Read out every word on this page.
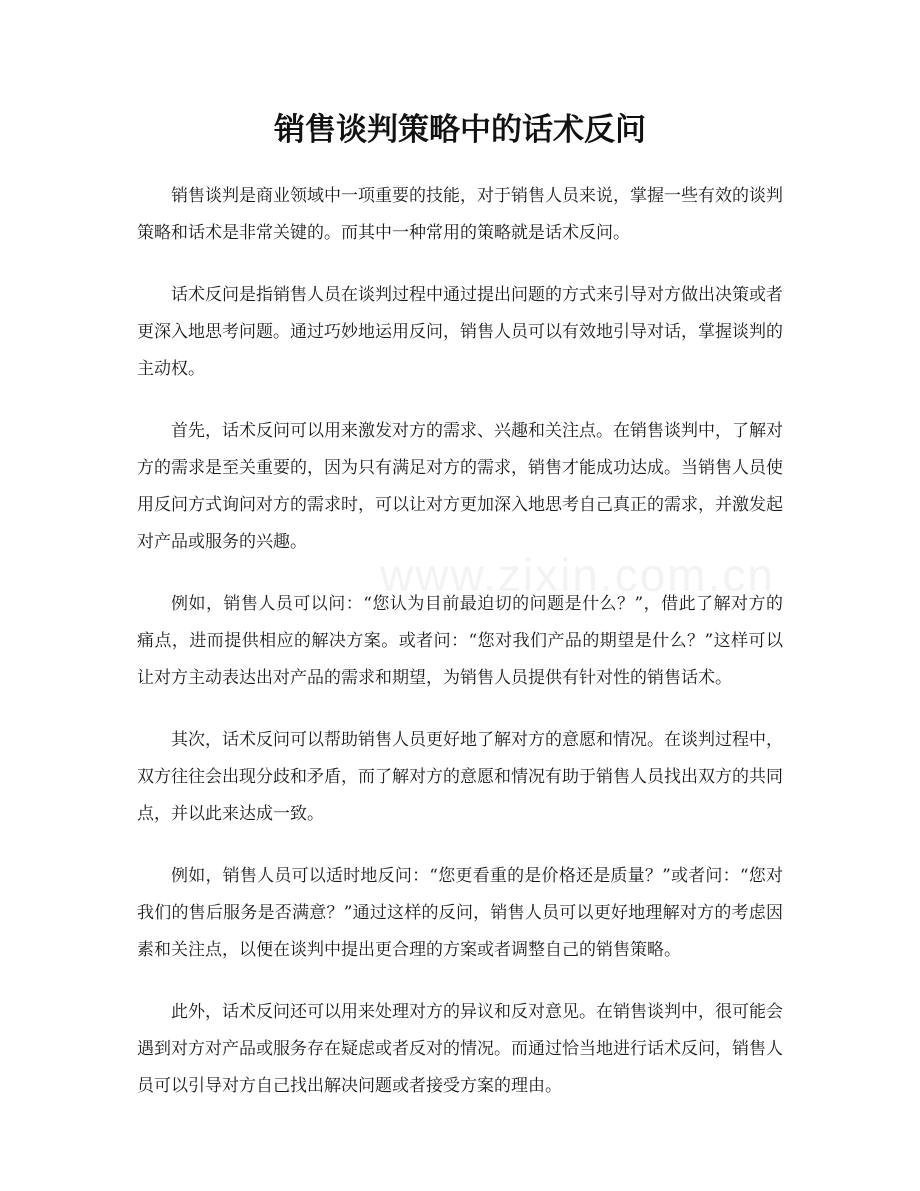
销售谈判策略中的话术反问

销售谈判是商业领域中一项重要的技能，对于销售人员来说，掌握一些有效的谈判策略和话术是非常关键的。而其中一种常用的策略就是话术反问。

话术反问是指销售人员在谈判过程中通过提出问题的方式来引导对方做出决策或者更深入地思考问题。通过巧妙地运用反问，销售人员可以有效地引导对话，掌握谈判的主动权。

首先，话术反问可以用来激发对方的需求、兴趣和关注点。在销售谈判中，了解对方的需求是至关重要的，因为只有满足对方的需求，销售才能成功达成。当销售人员使用反问方式询问对方的需求时，可以让对方更加深入地思考自己真正的需求，并激发起对产品或服务的兴趣。

例如，销售人员可以问：“您认为目前最迫切的问题是什么？”，借此了解对方的痛点，进而提供相应的解决方案。或者问：“您对我们产品的期望是什么？”这样可以让对方主动表达出对产品的需求和期望，为销售人员提供有针对性的销售话术。

其次，话术反问可以帮助销售人员更好地了解对方的意愿和情况。在谈判过程中，双方往往会出现分歧和矛盾，而了解对方的意愿和情况有助于销售人员找出双方的共同点，并以此来达成一致。

例如，销售人员可以适时地反问：“您更看重的是价格还是质量？”或者问：“您对我们的售后服务是否满意？”通过这样的反问，销售人员可以更好地理解对方的考虑因素和关注点，以便在谈判中提出更合理的方案或者调整自己的销售策略。

此外，话术反问还可以用来处理对方的异议和反对意见。在销售谈判中，很可能会遇到对方对产品或服务存在疑虑或者反对的情况。而通过恰当地进行话术反问，销售人员可以引导对方自己找出解决问题或者接受方案的理由。

www.zixin.com.cn
